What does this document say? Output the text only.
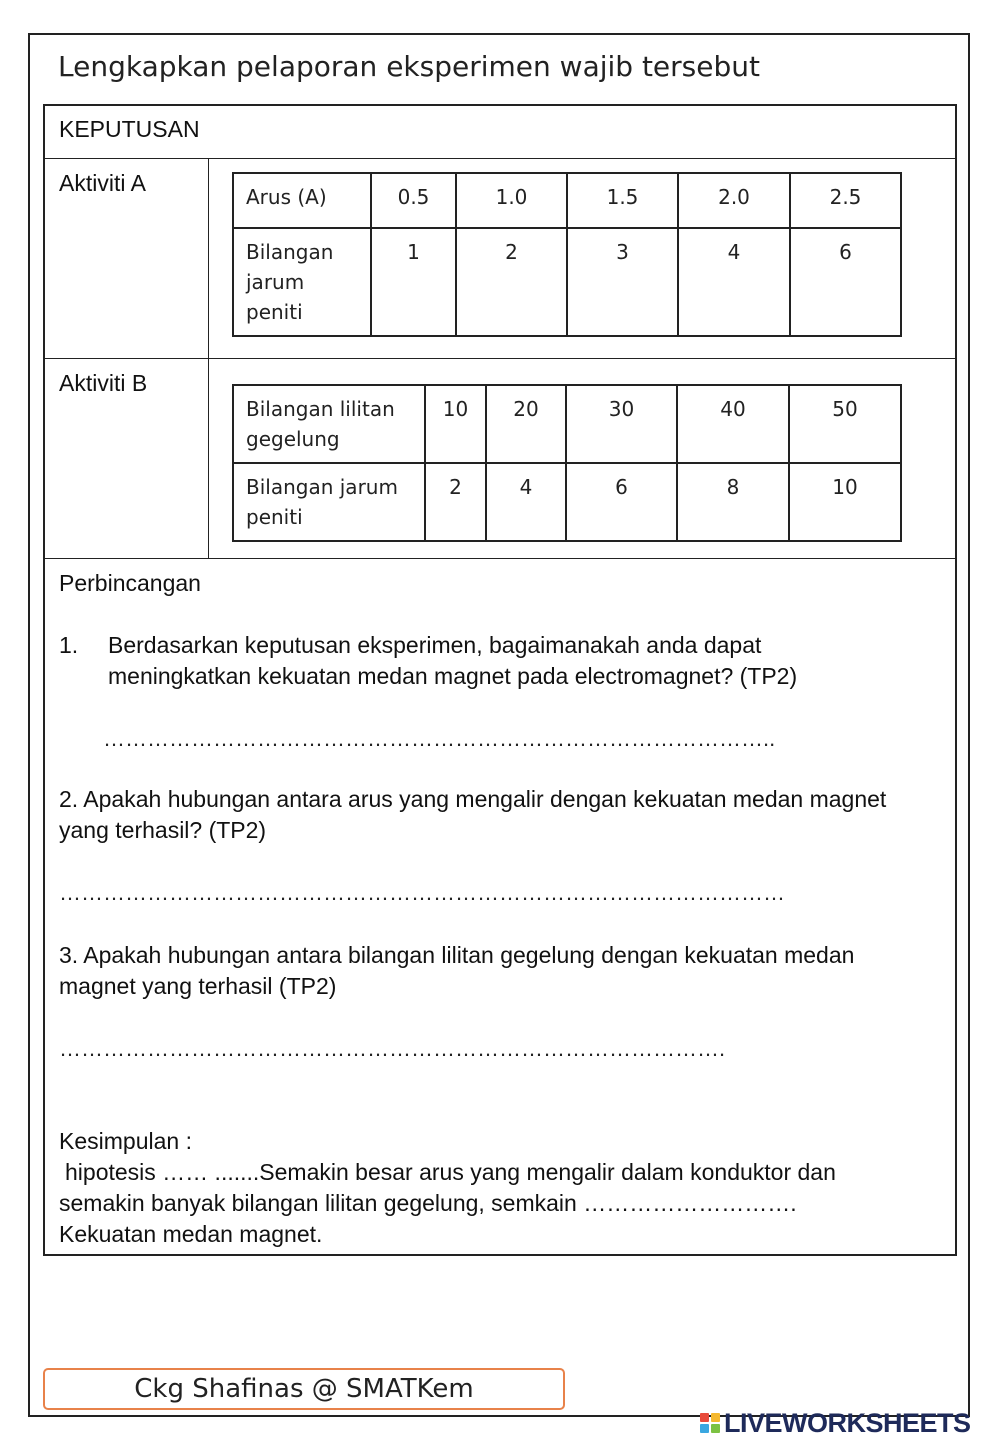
Lengkapkan pelaporan eksperimen wajib tersebut
KEPUTUSAN
Aktiviti A
Aktiviti B
Arus (A)	0.5	1.0	1.5	2.0	2.5
Bilangan jarum peniti	1	2	3	4	6
Bilangan lilitan gegelung	10	20	30	40	50
Bilangan jarum peniti	2	4	6	8	10
Perbincangan
1. Berdasarkan keputusan eksperimen, bagaimanakah anda dapat meningkatkan kekuatan medan magnet pada electromagnet? (TP2)
………………………………………………………………………………..
2. Apakah hubungan antara arus yang mengalir dengan kekuatan medan magnet yang terhasil? (TP2)
………………………………………………………………………………………
3. Apakah hubungan antara bilangan lilitan gegelung dengan kekuatan medan magnet yang terhasil (TP2)
……………………………………………………………………………….
Kesimpulan :
hipotesis …… .......Semakin besar arus yang mengalir dalam konduktor dan
semakin banyak bilangan lilitan gegelung, semkain ……………………….
Kekuatan medan magnet.
Ckg Shafinas @ SMATKem
LIVEWORKSHEETS
